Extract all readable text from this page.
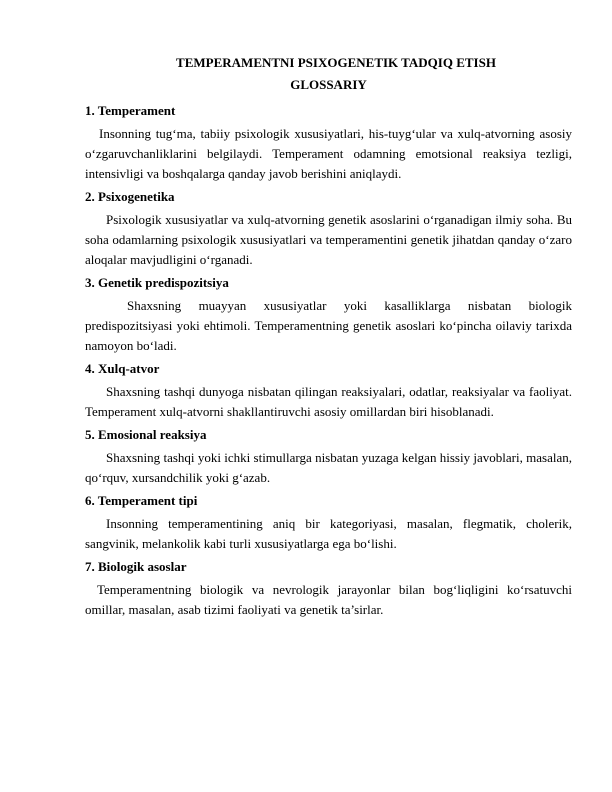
TEMPERAMENTNI PSIXOGENETIK TADQIQ ETISH

GLOSSARIY

1. Temperament

Insonning tug‘ma, tabiiy psixologik xususiyatlari, his-tuyg‘ular va xulq-atvorning asosiy o‘zgaruvchanliklarini belgilaydi. Temperament odamning emotsional reaksiya tezligi, intensivligi va boshqalarga qanday javob berishini aniqlaydi.

2. Psixogenetika

Psixologik xususiyatlar va xulq-atvorning genetik asoslarini o‘rganadigan ilmiy soha. Bu soha odamlarning psixologik xususiyatlari va temperamentini genetik jihatdan qanday o‘zaro aloqalar mavjudligini o‘rganadi.

3. Genetik predispozitsiya

Shaxsning muayyan xususiyatlar yoki kasalliklarga nisbatan biologik predispozitsiyasi yoki ehtimoli. Temperamentning genetik asoslari ko‘pincha oilaviy tarixda namoyon bo‘ladi.

4. Xulq-atvor

Shaxsning tashqi dunyoga nisbatan qilingan reaksiyalari, odatlar, reaksiyalar va faoliyat. Temperament xulq-atvorni shakllantiruvchi asosiy omillardan biri hisoblanadi.

5. Emosional reaksiya

Shaxsning tashqi yoki ichki stimullarga nisbatan yuzaga kelgan hissiy javoblari, masalan, qo‘rquv, xursandchilik yoki g‘azab.

6. Temperament tipi

Insonning temperamentining aniq bir kategoriyasi, masalan, flegmatik, cholerik, sangvinik, melankolik kabi turli xususiyatlarga ega bo‘lishi.

7. Biologik asoslar

Temperamentning biologik va nevrologik jarayonlar bilan bog‘liqligini ko‘rsatuvchi omillar, masalan, asab tizimi faoliyati va genetik ta’sirlar.
